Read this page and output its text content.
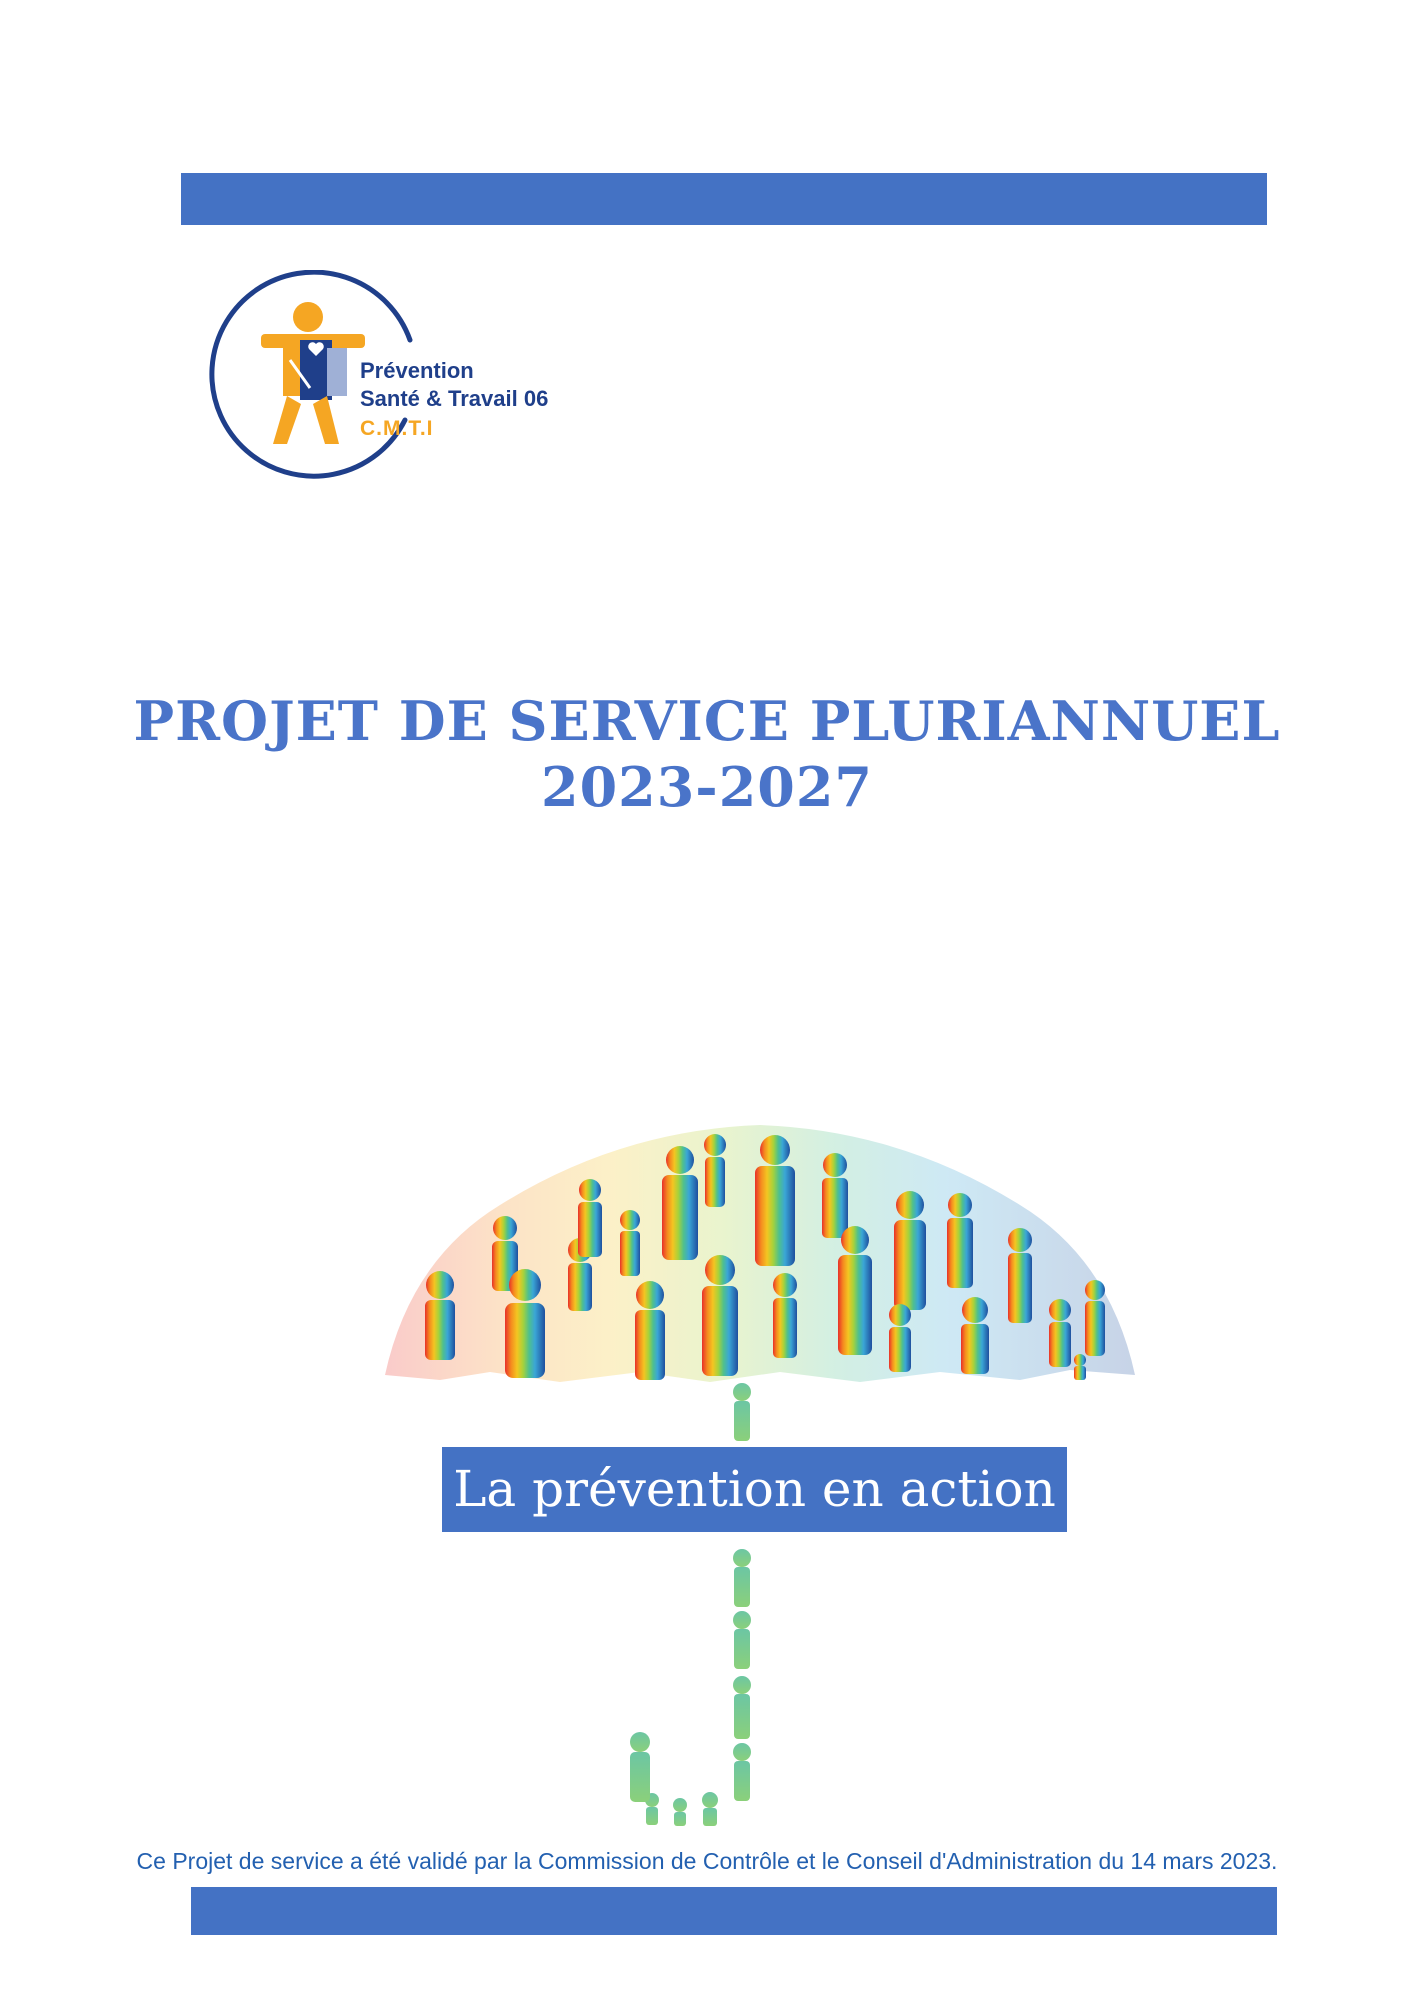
Prévention
Santé & Travail 06
C.M.T.I
PROJET DE SERVICE PLURIANNUEL
2023-2027
La prévention en action
Ce Projet de service a été validé par la Commission de Contrôle et le Conseil d'Administration du 14 mars 2023.
